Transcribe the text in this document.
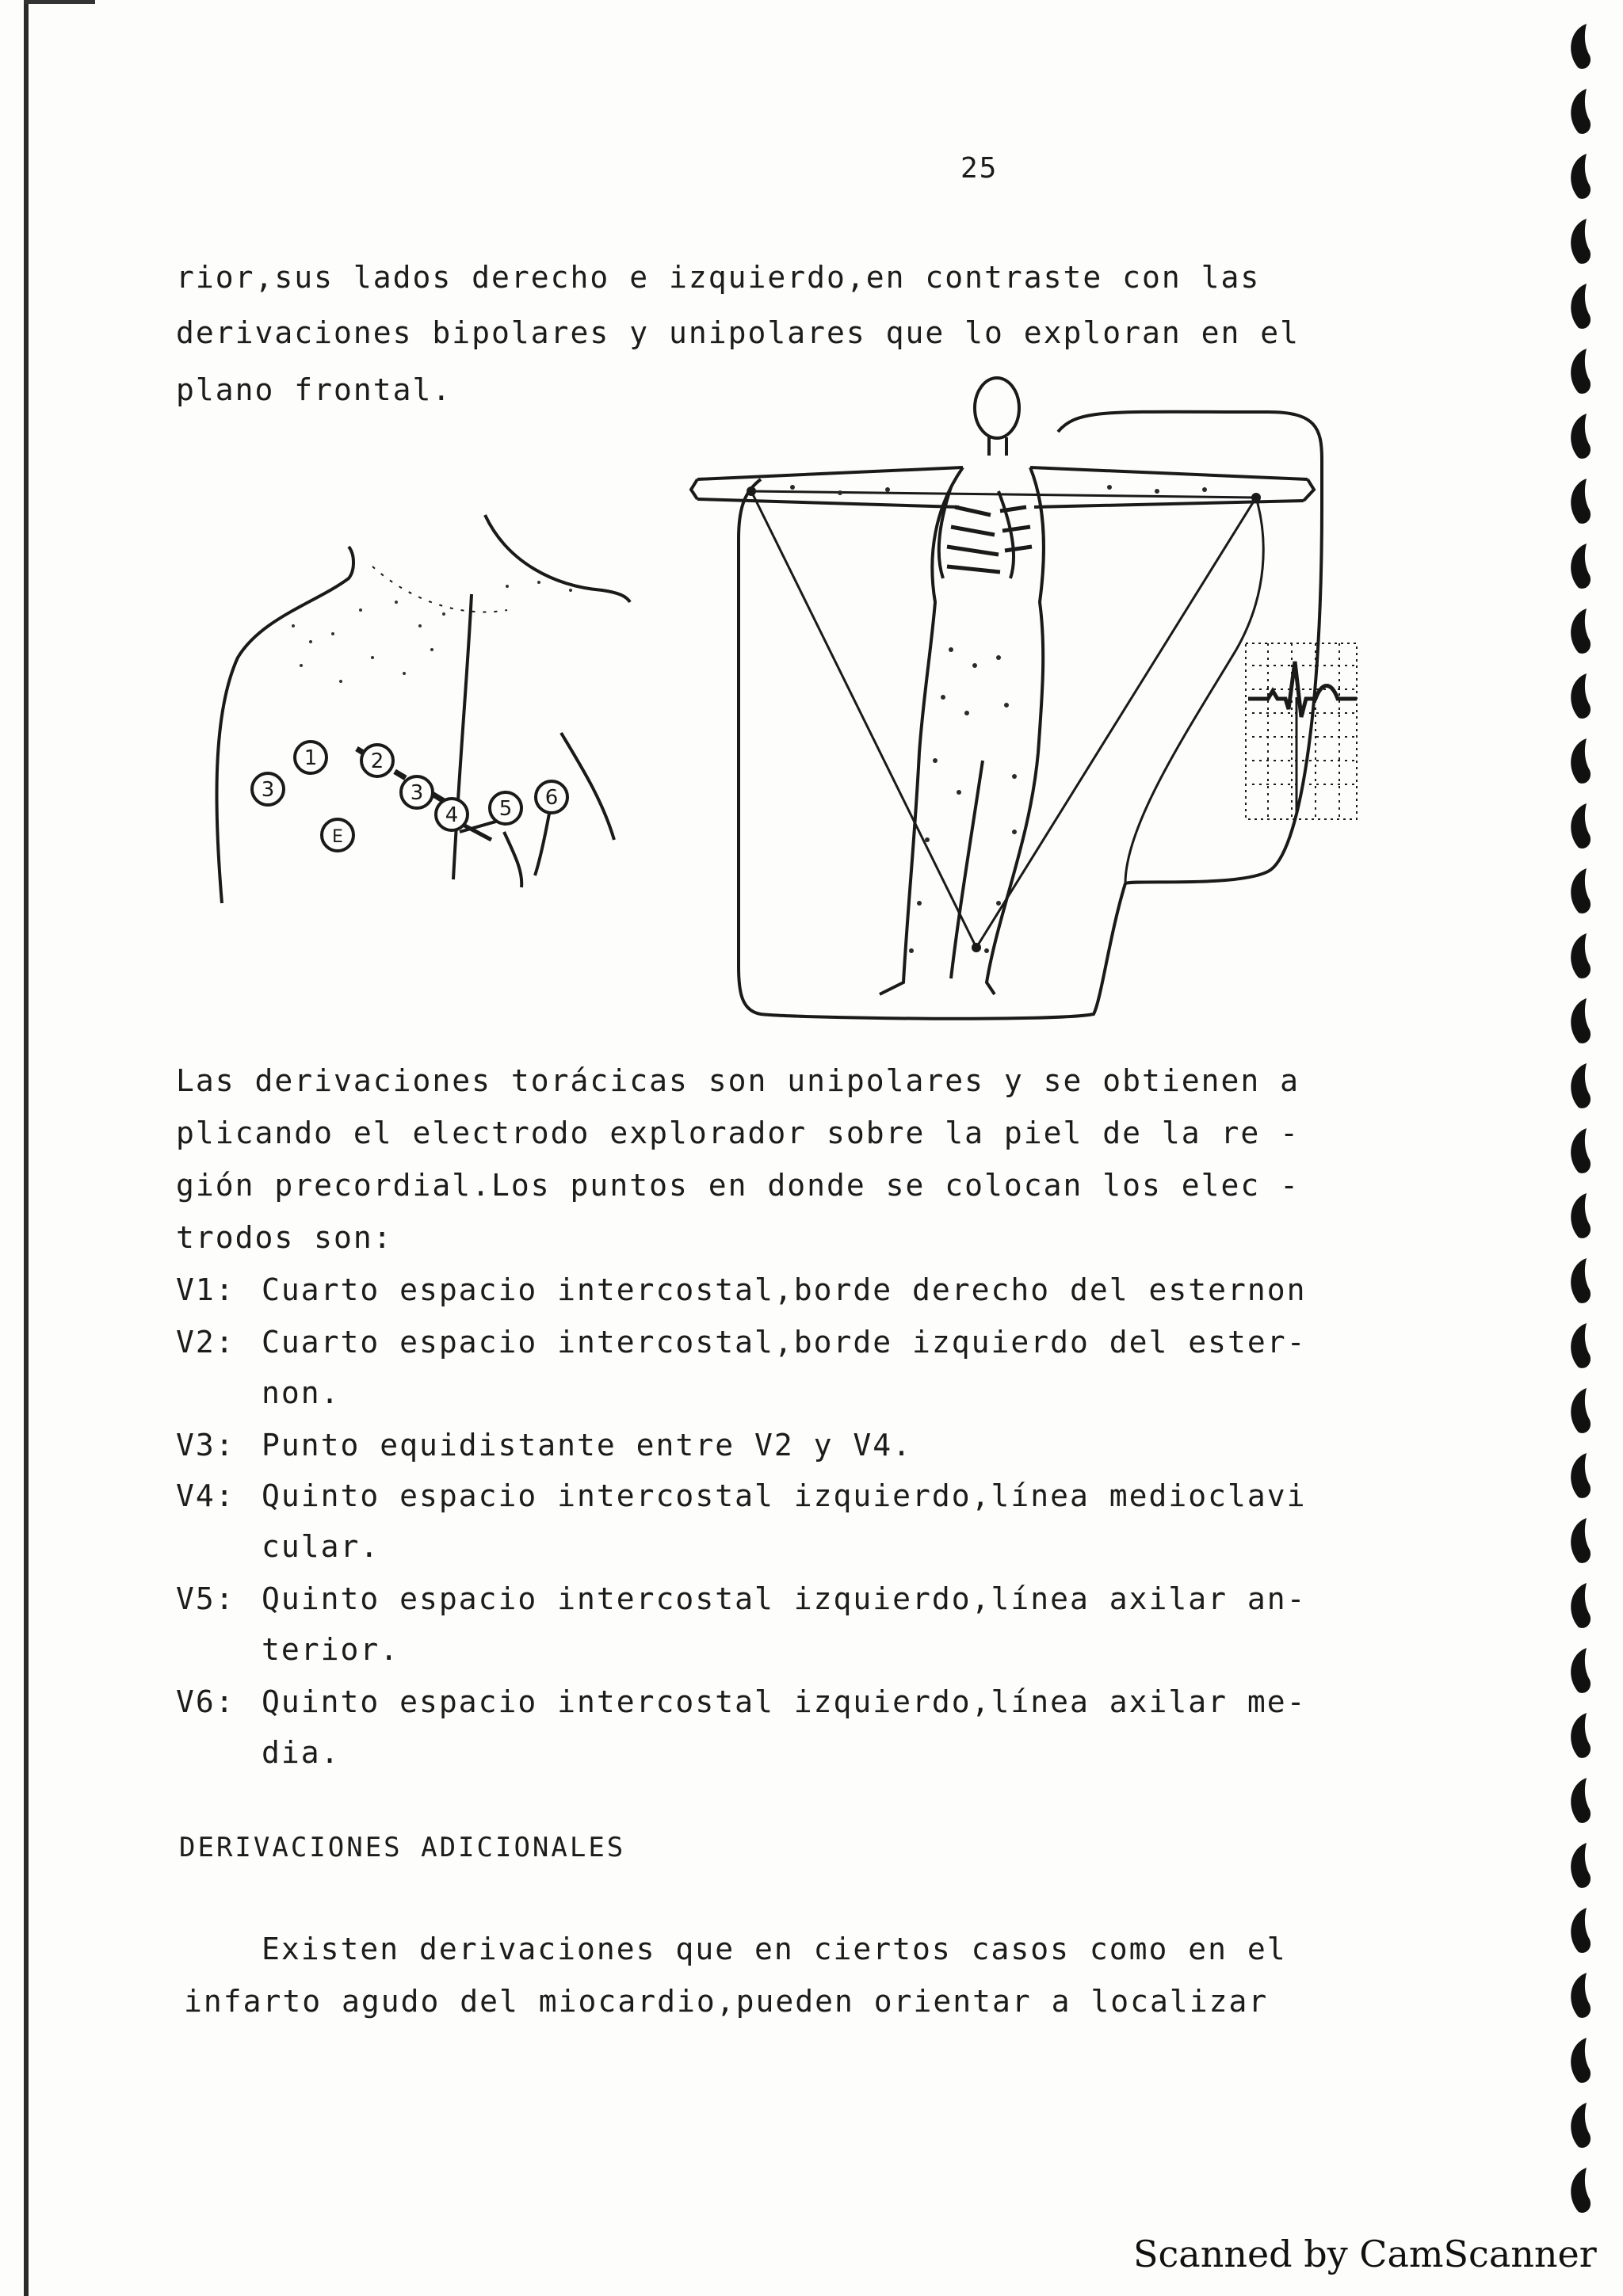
25
rior,sus lados derecho e izquierdo,en contraste con las
derivaciones bipolares y unipolares que lo exploran en el
plano frontal.
3
1	2
3
4 5 6
E
Las derivaciones torácicas son unipolares y se obtienen a
plicando el electrodo explorador sobre la piel de la re -
gión precordial.Los puntos en donde se colocan los elec -
trodos son:
V1: Cuarto espacio intercostal,borde derecho del esternon
V2: Cuarto espacio intercostal,borde izquierdo del ester-
non.
V3: Punto equidistante entre V2 y V4.
V4: Quinto espacio intercostal izquierdo,línea medioclavi
cular.
V5: Quinto espacio intercostal izquierdo,línea axilar an-
terior.
V6: Quinto espacio intercostal izquierdo,línea axilar me-
dia.
DERIVACIONES ADICIONALES
Existen derivaciones que en ciertos casos como en el
infarto agudo del miocardio,pueden orientar a localizar
Scanned by CamScanner
